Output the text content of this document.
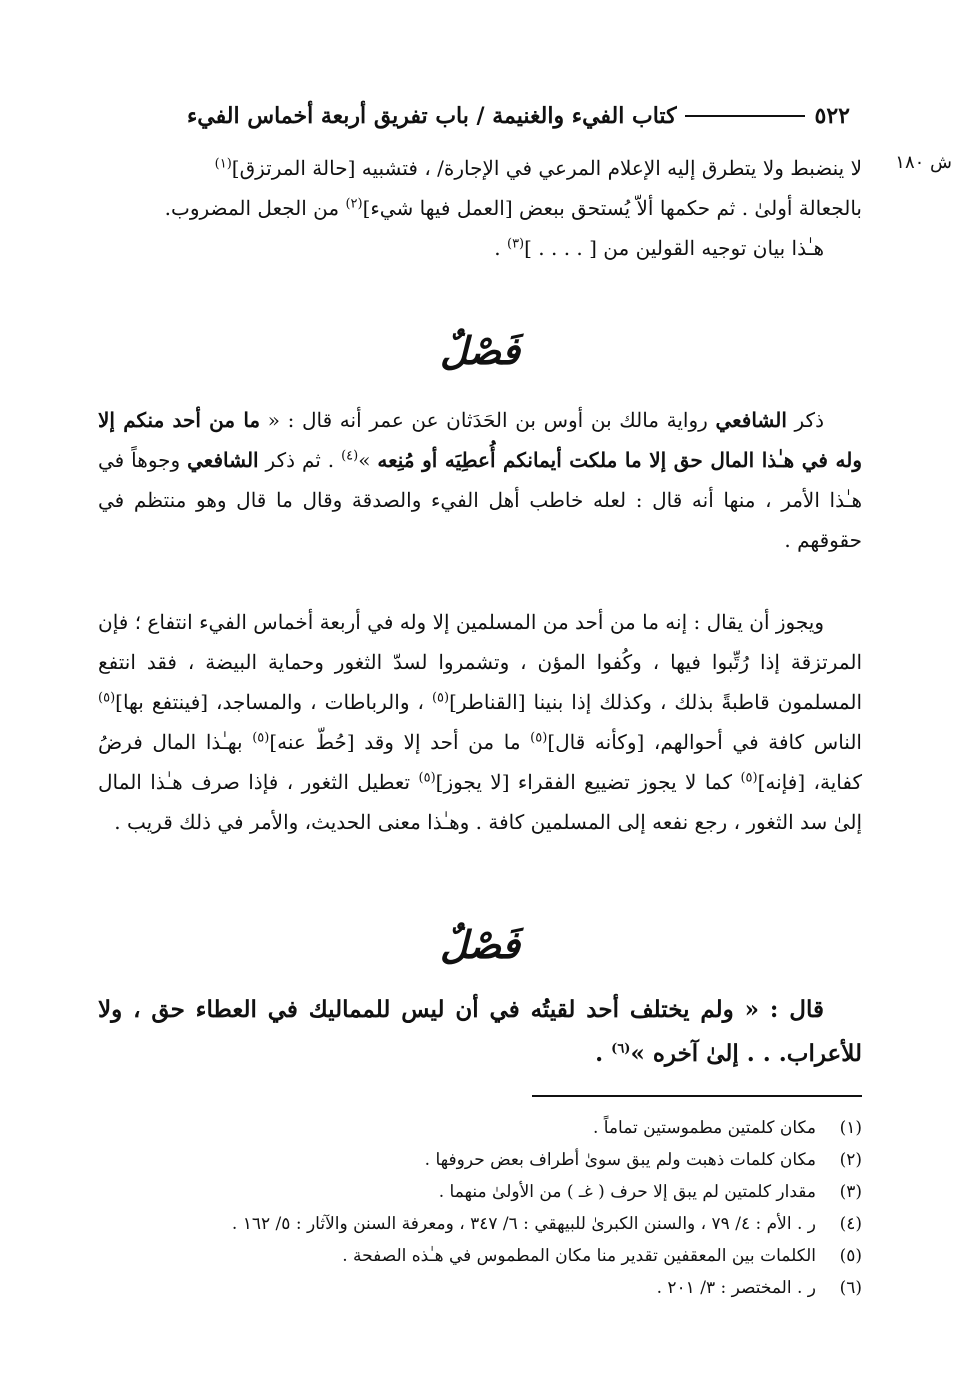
٥٢٢
كتاب الفيء والغنيمة / باب تفريق أربعة أخماس الفيء
ش ١٨٠

لا ينضبط ولا يتطرق إليه الإعلام المرعي في الإجارة/ ، فتشبيه [حالة المرتزق]$^{(١)}$

بالجعالة أولىٰ . ثم حكمها ألاّ يُستحق ببعض [العمل فيها شيء]$^{(٢)}$ من الجعل المضروب.

هـٰذا بيان توجيه القولين من [ . . . . ]$^{(٣)}$ .

فَصْلٌ

ذكر الشافعي رواية مالك بن أوس بن الحَدَثان عن عمر أنه قال : « ما من أحد منكم إلا وله في هـٰذا المال حق إلا ما ملكت أيمانكم أُعطِيَه أو مُنِعه »$^{(٤)}$ . ثم ذكر الشافعي وجوهاً في هـٰذا الأمر ، منها أنه قال : لعله خاطب أهل الفيء والصدقة وقال ما قال وهو منتظم في حقوقهم .

ويجوز أن يقال : إنه ما من أحد من المسلمين إلا وله في أربعة أخماس الفيء انتفاع ؛ فإن المرتزقة إذا رُتِّبوا فيها ، وكُفوا المؤن ، وتشمروا لسدّ الثغور وحماية البيضة ، فقد انتفع المسلمون قاطبةً بذلك ، وكذلك إذا بنينا [القناطر]$^{(٥)}$ ، والرباطات ، والمساجد، [فينتفع بها]$^{(٥)}$ الناس كافة في أحوالهم، [وكأنه قال]$^{(٥)}$ ما من أحد إلا وقد [حُطّ عنه]$^{(٥)}$ بهـٰذا المال فرضُ كفاية، [فإنه]$^{(٥)}$ كما لا يجوز تضييع الفقراء [لا يجوز]$^{(٥)}$ تعطيل الثغور ، فإذا صرف هـٰذا المال إلىٰ سد الثغور ، رجع نفعه إلى المسلمين كافة . وهـٰذا معنى الحديث، والأمر في ذلك قريب .

فَصْلٌ

قال : « ولم يختلف أحد لقيتُه في أن ليس للمماليك في العطاء حق ، ولا للأعراب. . . إلىٰ آخره »$^{(٦)}$ .

(١)
مكان كلمتين مطموستين تماماً .
(٢)
مكان كلمات ذهبت ولم يبق سوىٰ أطراف بعض حروفها .
(٣)
مقدار كلمتين لم يبق إلا حرف ( غـ ) من الأولىٰ منهما .
(٤)
ر . الأم : ٤/ ٧٩ ، والسنن الكبرىٰ للبيهقي : ٦/ ٣٤٧ ، ومعرفة السنن والآثار : ٥/ ١٦٢ .
(٥)
الكلمات بين المعقفين تقدير منا مكان المطموس في هـٰذه الصفحة .
(٦)
ر . المختصر : ٣/ ٢٠١ .
